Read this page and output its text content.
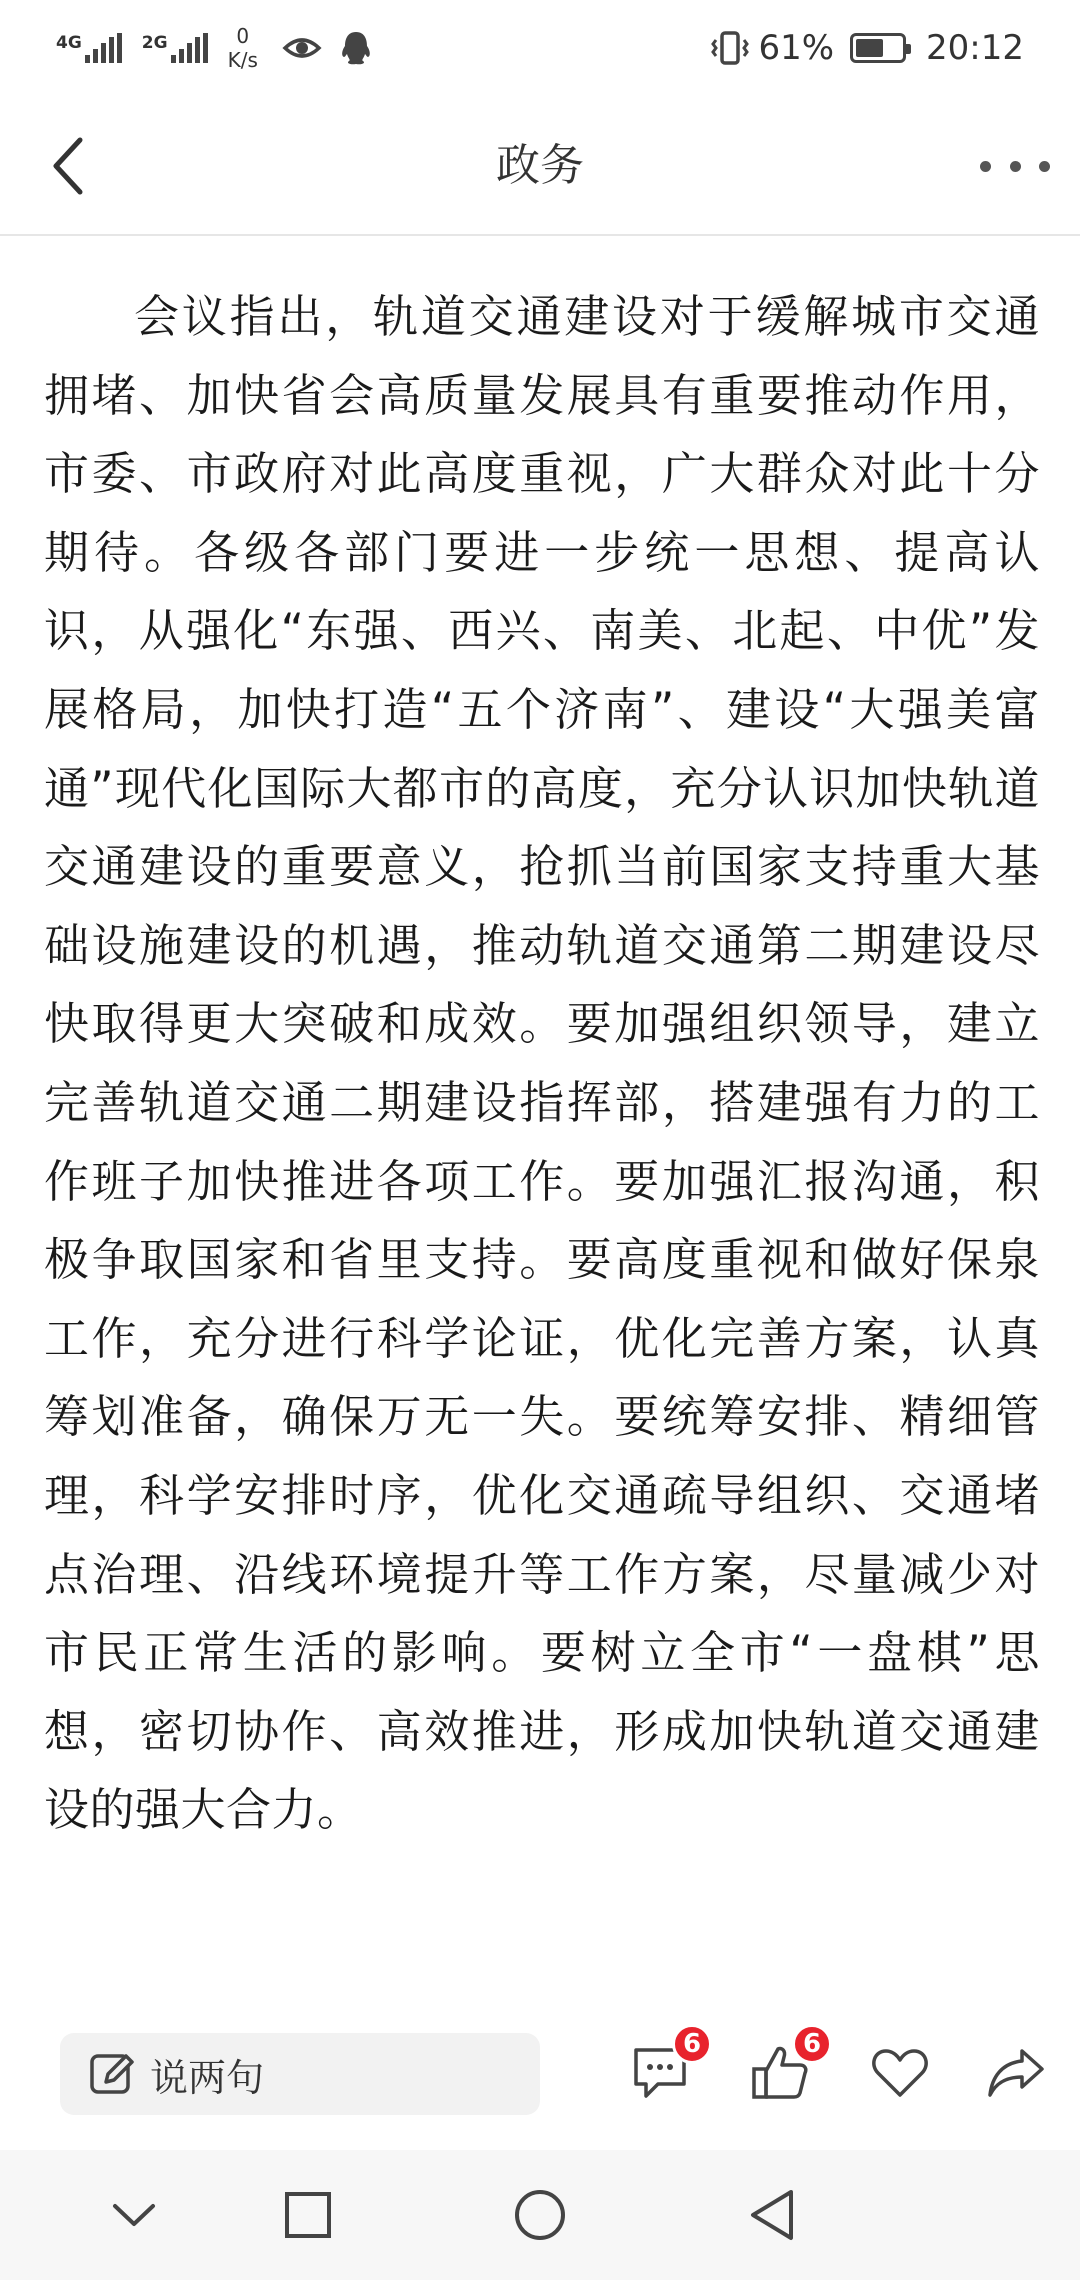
4G	2G	0
K/s	61%	20:12
政务
会议指出，轨道交通建设对于缓解城市交通拥堵、加快省会高质量发展具有重要推动作用，市委、市政府对此高度重视，广大群众对此十分期待。各级各部门要进一步统一思想、提高认识，从强化“东强、西兴、南美、北起、中优”发展格局，加快打造“五个济南”、建设“大强美富通”现代化国际大都市的高度，充分认识加快轨道交通建设的重要意义，抢抓当前国家支持重大基础设施建设的机遇，推动轨道交通第二期建设尽快取得更大突破和成效。要加强组织领导，建立完善轨道交通二期建设指挥部，搭建强有力的工作班子加快推进各项工作。要加强汇报沟通，积极争取国家和省里支持。要高度重视和做好保泉工作，充分进行科学论证，优化完善方案，认真筹划准备，确保万无一失。要统筹安排、精细管理，科学安排时序，优化交通疏导组织、交通堵点治理、沿线环境提升等工作方案，尽量减少对市民正常生活的影响。要树立全市“一盘棋”思想，密切协作、高效推进，形成加快轨道交通建设的强大合力。
说两句
6	6
